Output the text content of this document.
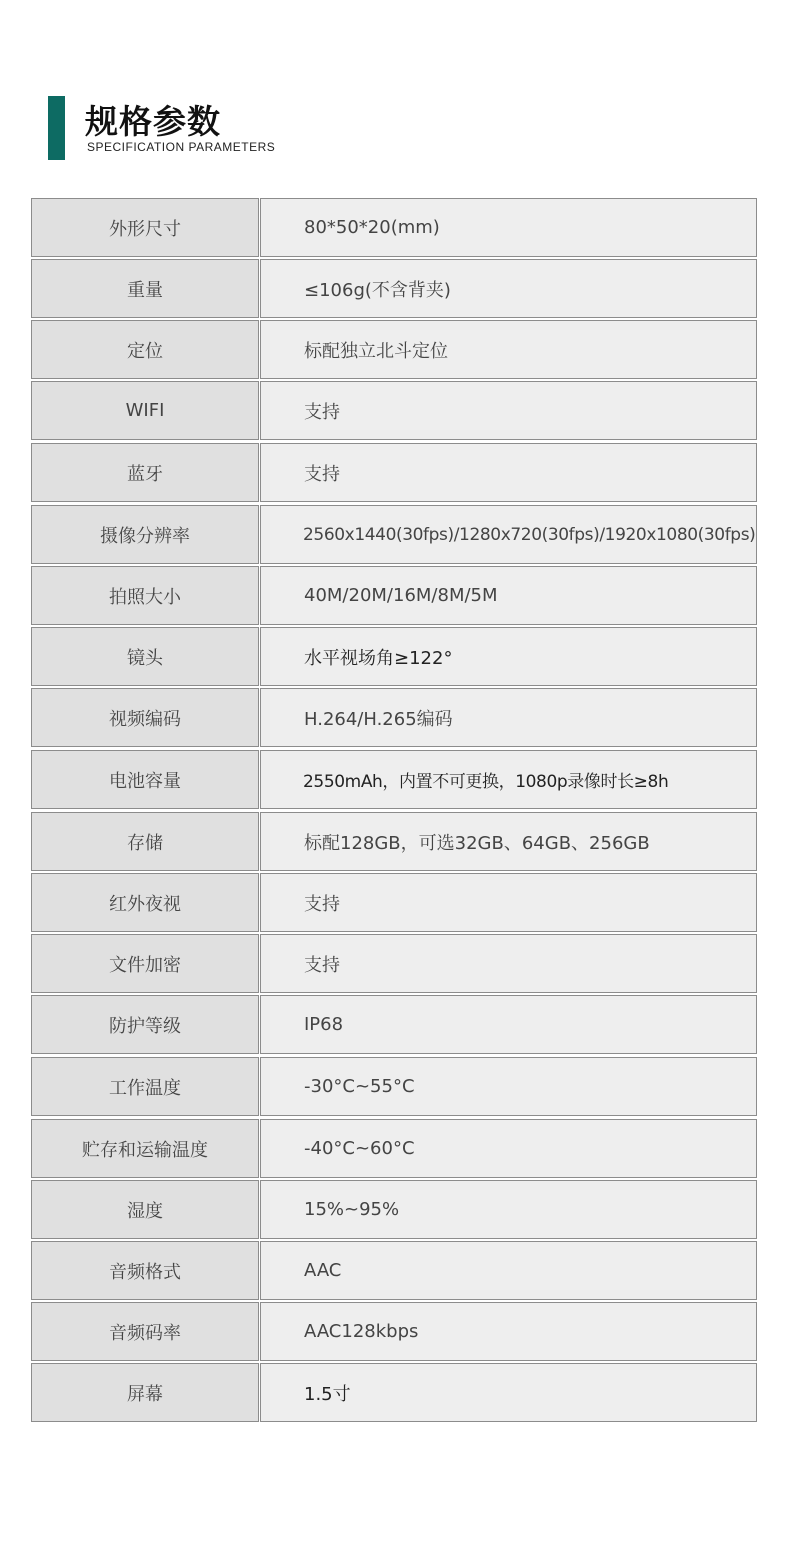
规格参数
SPECIFICATION PARAMETERS
外形尺寸	80*50*20(mm)
重量	≤106g(不含背夹)
定位	标配独立北斗定位
WIFI	支持
蓝牙	支持
摄像分辨率	2560x1440(30fps)/1280x720(30fps)/1920x1080(30fps)
拍照大小	40M/20M/16M/8M/5M
镜头	水平视场角≥122°
视频编码	H.264/H.265编码
电池容量	2550mAh，内置不可更换，1080p录像时长≥8h
存储	标配128GB，可选32GB、64GB、256GB
红外夜视	支持
文件加密	支持
防护等级	IP68
工作温度	-30°C~55°C
贮存和运输温度	-40°C~60°C
湿度	15%~95%
音频格式	AAC
音频码率	AAC128kbps
屏幕	1.5寸
